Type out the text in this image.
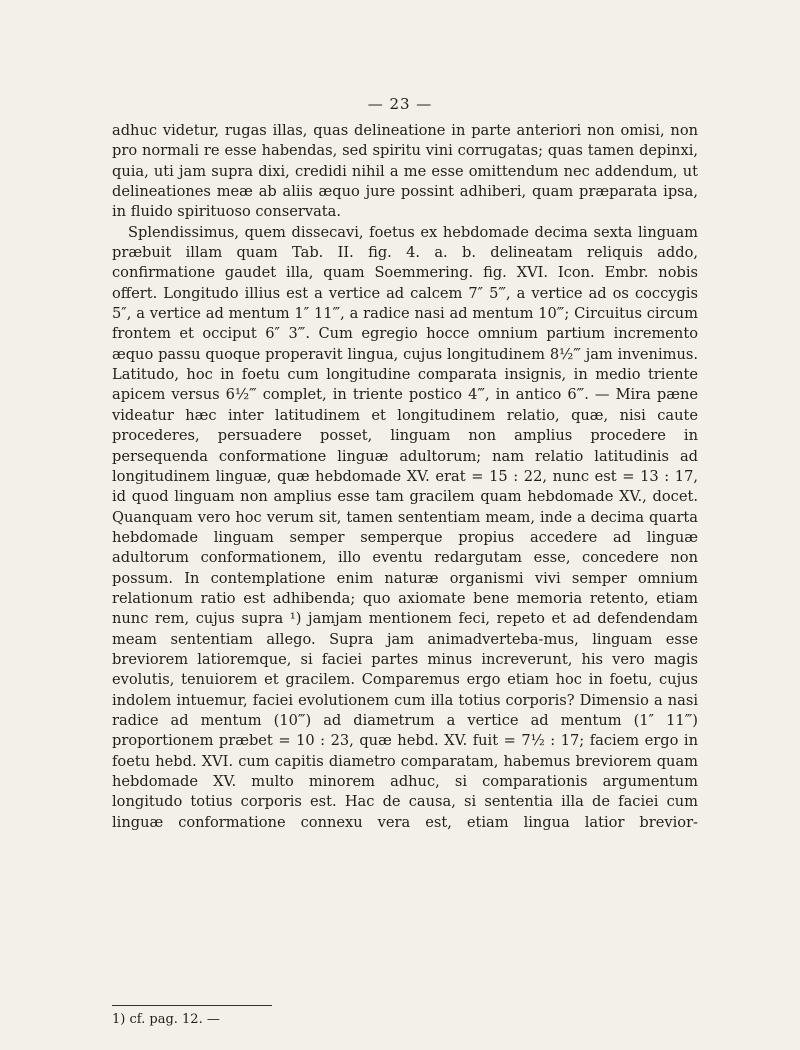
— 23 —

adhuc videtur, rugas illas, quas delineatione in parte anteriori non omisi, non pro normali re esse habendas, sed spiritu vini corrugatas; quas tamen depinxi, quia, uti jam supra dixi, credidi nihil a me esse omittendum nec addendum, ut delineationes meæ ab aliis æquo jure possint adhiberi, quam præparata ipsa, in fluido spirituoso conservata.

Splendissimus, quem dissecavi, foetus ex hebdomade decima sexta linguam præbuit illam quam Tab. II. fig. 4. a. b. delineatam reliquis addo, confirmatione gaudet illa, quam Soemmering. fig. XVI. Icon. Embr. nobis offert. Longitudo illius est a vertice ad calcem 7″ 5‴, a vertice ad os coccygis 5″, a vertice ad mentum 1″ 11‴, a radice nasi ad mentum 10‴; Circuitus circum frontem et occiput 6″ 3‴. Cum egregio hocce omnium partium incremento æquo passu quoque properavit lingua, cujus longitudinem 8½‴ jam invenimus. Latitudo, hoc in foetu cum longitudine comparata insignis, in medio triente apicem versus 6½‴ complet, in triente postico 4‴, in antico 6‴. — Mira pæne videatur hæc inter latitudinem et longitudinem relatio, quæ, nisi caute procederes, persuadere posset, linguam non amplius procedere in persequenda conformatione linguæ adultorum; nam relatio latitudinis ad longitudinem linguæ, quæ hebdomade XV. erat = 15 : 22, nunc est = 13 : 17, id quod linguam non amplius esse tam gracilem quam hebdomade XV., docet. Quanquam vero hoc verum sit, tamen sententiam meam, inde a decima quarta hebdomade linguam semper semperque propius accedere ad linguæ adultorum conformationem, illo eventu redargutam esse, concedere non possum. In contemplatione enim naturæ organismi vivi semper omnium relationum ratio est adhibenda; quo axiomate bene memoria retento, etiam nunc rem, cujus supra ¹) jamjam mentionem feci, repeto et ad defendendam meam sententiam allego. Supra jam animadverteba-mus, linguam esse breviorem latioremque, si faciei partes minus increverunt, his vero magis evolutis, tenuiorem et gracilem. Comparemus ergo etiam hoc in foetu, cujus indolem intuemur, faciei evolutionem cum illa totius corporis? Dimensio a nasi radice ad mentum (10‴) ad diametrum a vertice ad mentum (1″ 11‴) proportionem præbet = 10 : 23, quæ hebd. XV. fuit = 7½ : 17; faciem ergo in foetu hebd. XVI. cum capitis diametro comparatam, habemus breviorem quam hebdomade XV. multo minorem adhuc, si comparationis argumentum longitudo totius corporis est. Hac de causa, si sententia illa de faciei cum linguæ conformatione connexu vera est, etiam lingua latior brevior-

1) cf. pag. 12. —
